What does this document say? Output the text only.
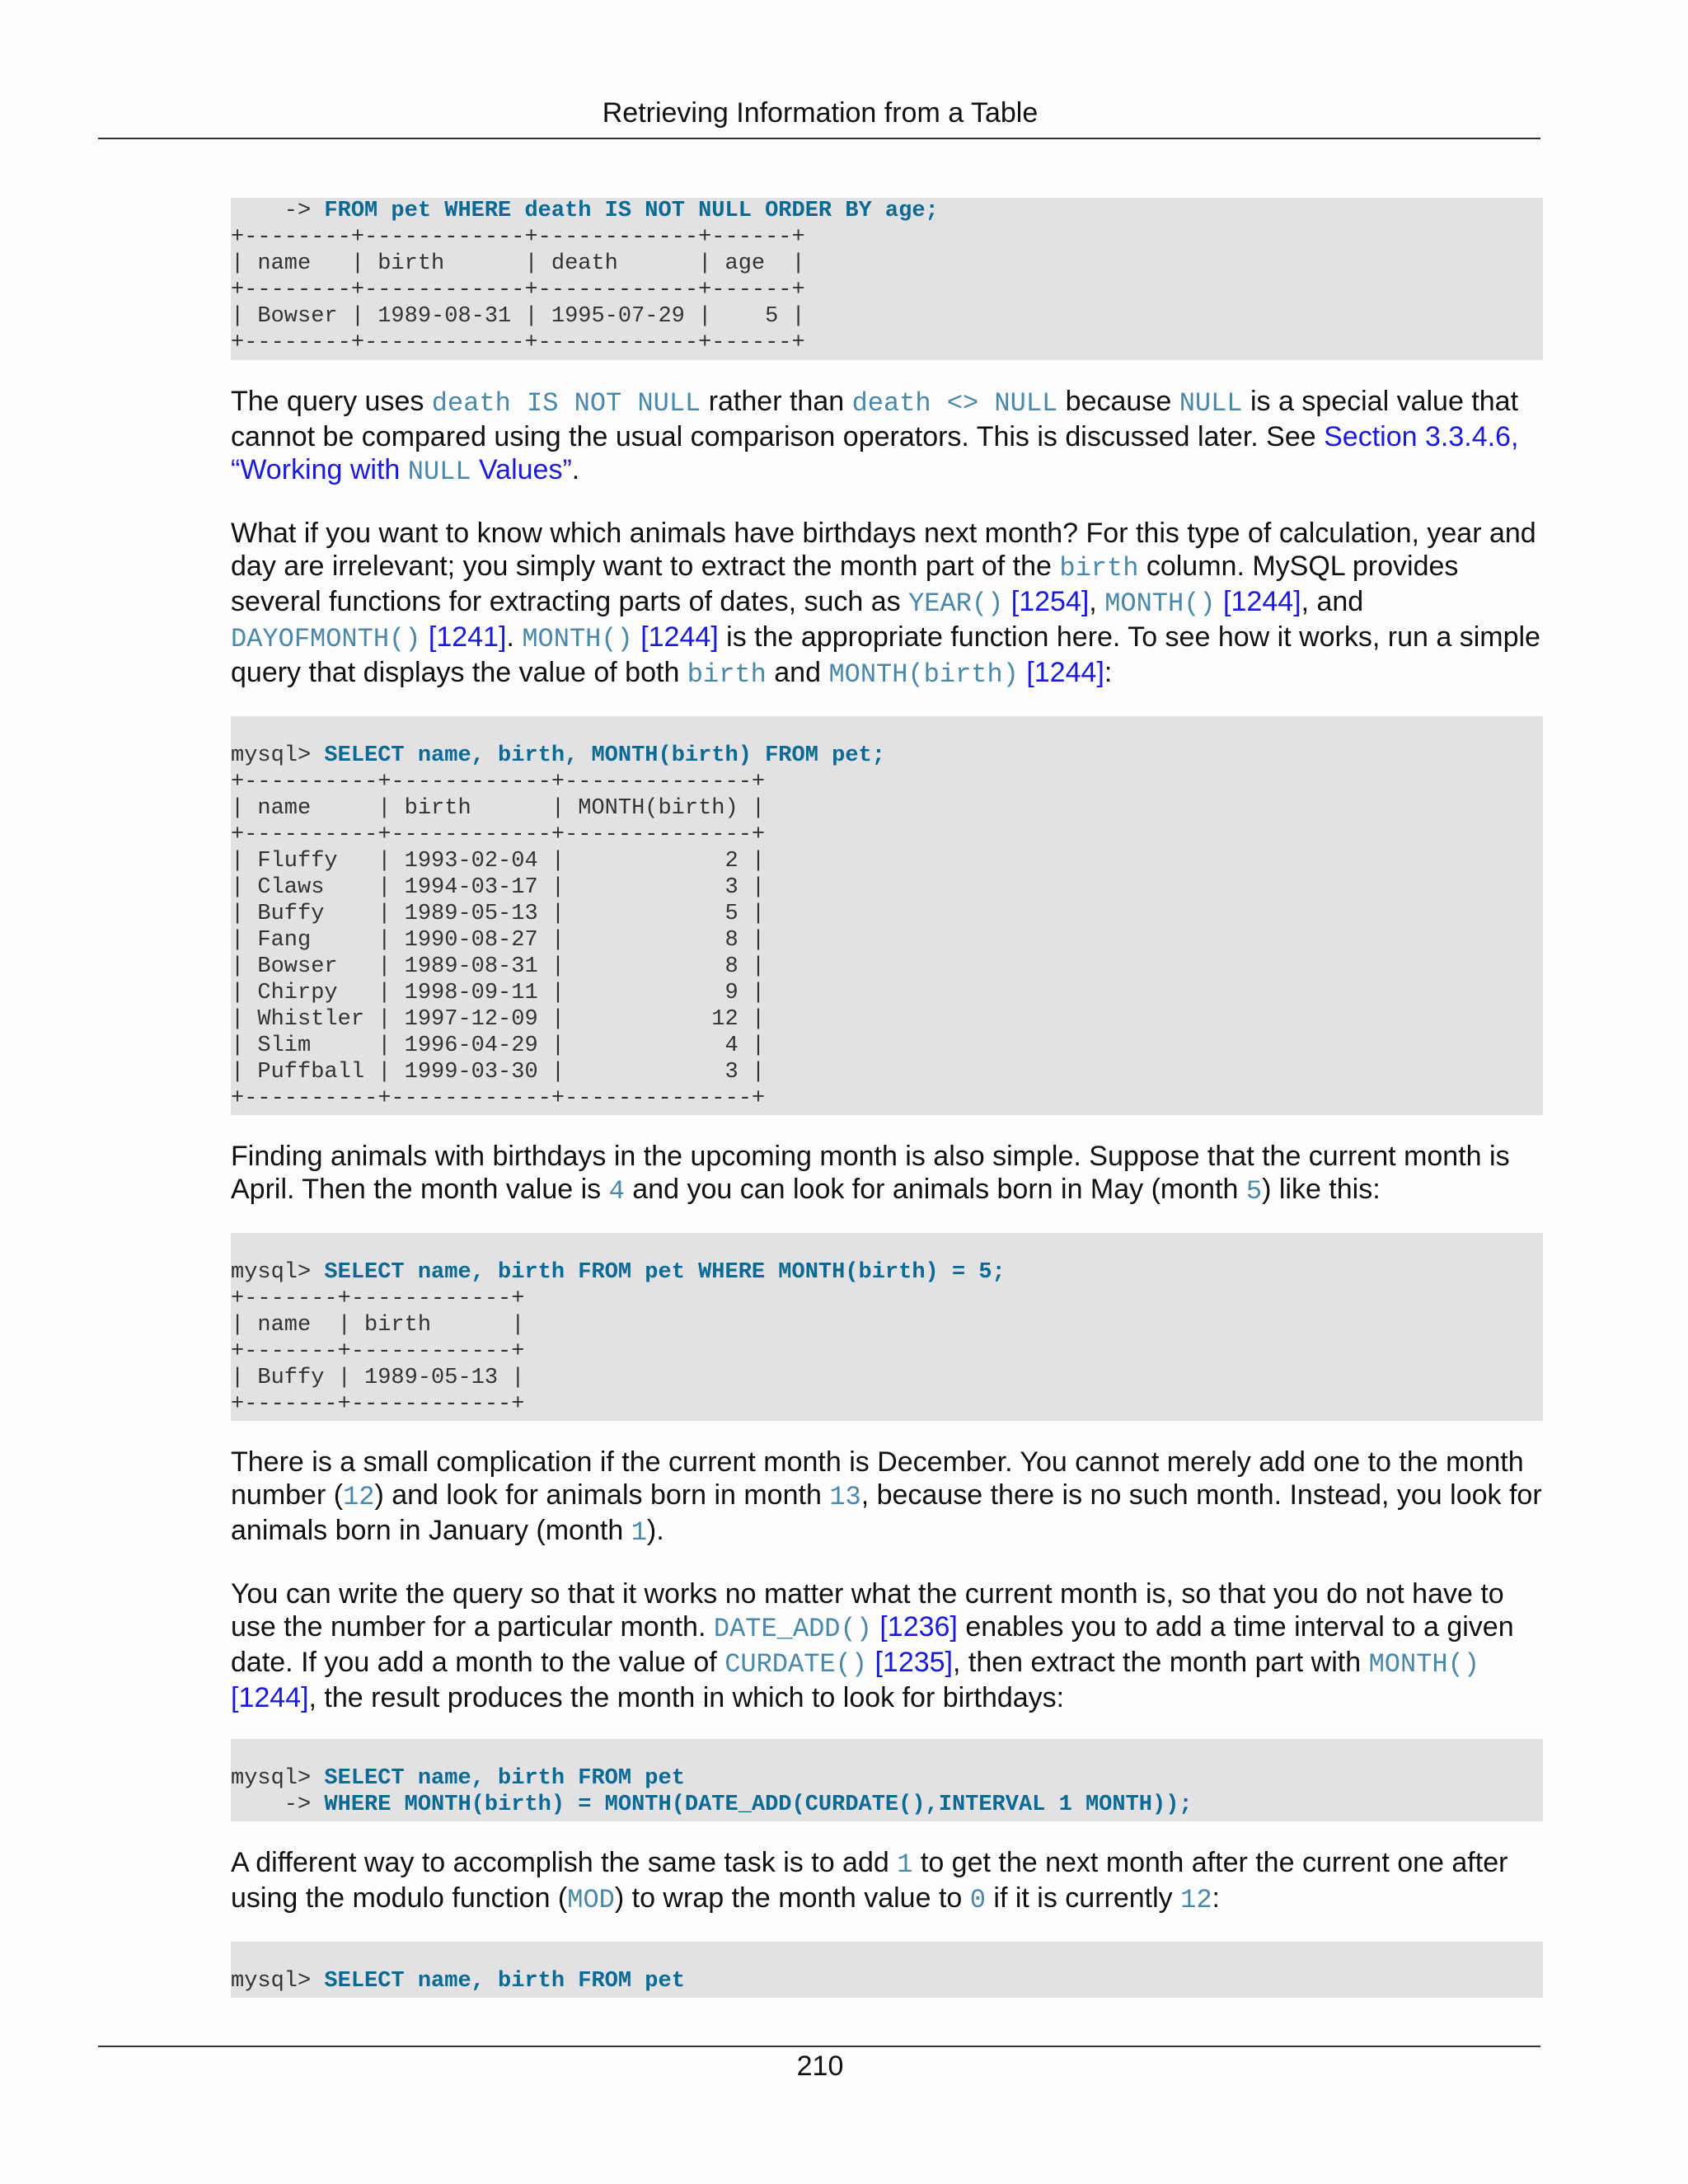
Retrieving Information from a Table
-> FROM pet WHERE death IS NOT NULL ORDER BY age;
+--------+------------+------------+------+
| name   | birth      | death      | age  |
+--------+------------+------------+------+
| Bowser | 1989-08-31 | 1995-07-29 |    5 |
+--------+------------+------------+------+

The query uses death IS NOT NULL rather than death <> NULL because NULL is a special value that cannot be compared using the usual comparison operators. This is discussed later. See Section 3.3.4.6, “Working with NULL Values”.

What if you want to know which animals have birthdays next month? For this type of calculation, year and day are irrelevant; you simply want to extract the month part of the birth column. MySQL provides several functions for extracting parts of dates, such as YEAR() [1254], MONTH() [1244], and DAYOFMONTH() [1241]. MONTH() [1244] is the appropriate function here. To see how it works, run a simple query that displays the value of both birth and MONTH(birth) [1244]:

mysql> SELECT name, birth, MONTH(birth) FROM pet;
+----------+------------+--------------+
| name     | birth      | MONTH(birth) |
+----------+------------+--------------+
| Fluffy   | 1993-02-04 |            2 |
| Claws    | 1994-03-17 |            3 |
| Buffy    | 1989-05-13 |            5 |
| Fang     | 1990-08-27 |            8 |
| Bowser   | 1989-08-31 |            8 |
| Chirpy   | 1998-09-11 |            9 |
| Whistler | 1997-12-09 |           12 |
| Slim     | 1996-04-29 |            4 |
| Puffball | 1999-03-30 |            3 |
+----------+------------+--------------+

Finding animals with birthdays in the upcoming month is also simple. Suppose that the current month is April. Then the month value is 4 and you can look for animals born in May (month 5) like this:

mysql> SELECT name, birth FROM pet WHERE MONTH(birth) = 5;
+-------+------------+
| name  | birth      |
+-------+------------+
| Buffy | 1989-05-13 |
+-------+------------+

There is a small complication if the current month is December. You cannot merely add one to the month number (12) and look for animals born in month 13, because there is no such month. Instead, you look for animals born in January (month 1).

You can write the query so that it works no matter what the current month is, so that you do not have to use the number for a particular month. DATE_ADD() [1236] enables you to add a time interval to a given date. If you add a month to the value of CURDATE() [1235], then extract the month part with MONTH() [1244], the result produces the month in which to look for birthdays:

mysql> SELECT name, birth FROM pet
-> WHERE MONTH(birth) = MONTH(DATE_ADD(CURDATE(),INTERVAL 1 MONTH));

A different way to accomplish the same task is to add 1 to get the next month after the current one after using the modulo function (MOD) to wrap the month value to 0 if it is currently 12:

mysql> SELECT name, birth FROM pet
210
